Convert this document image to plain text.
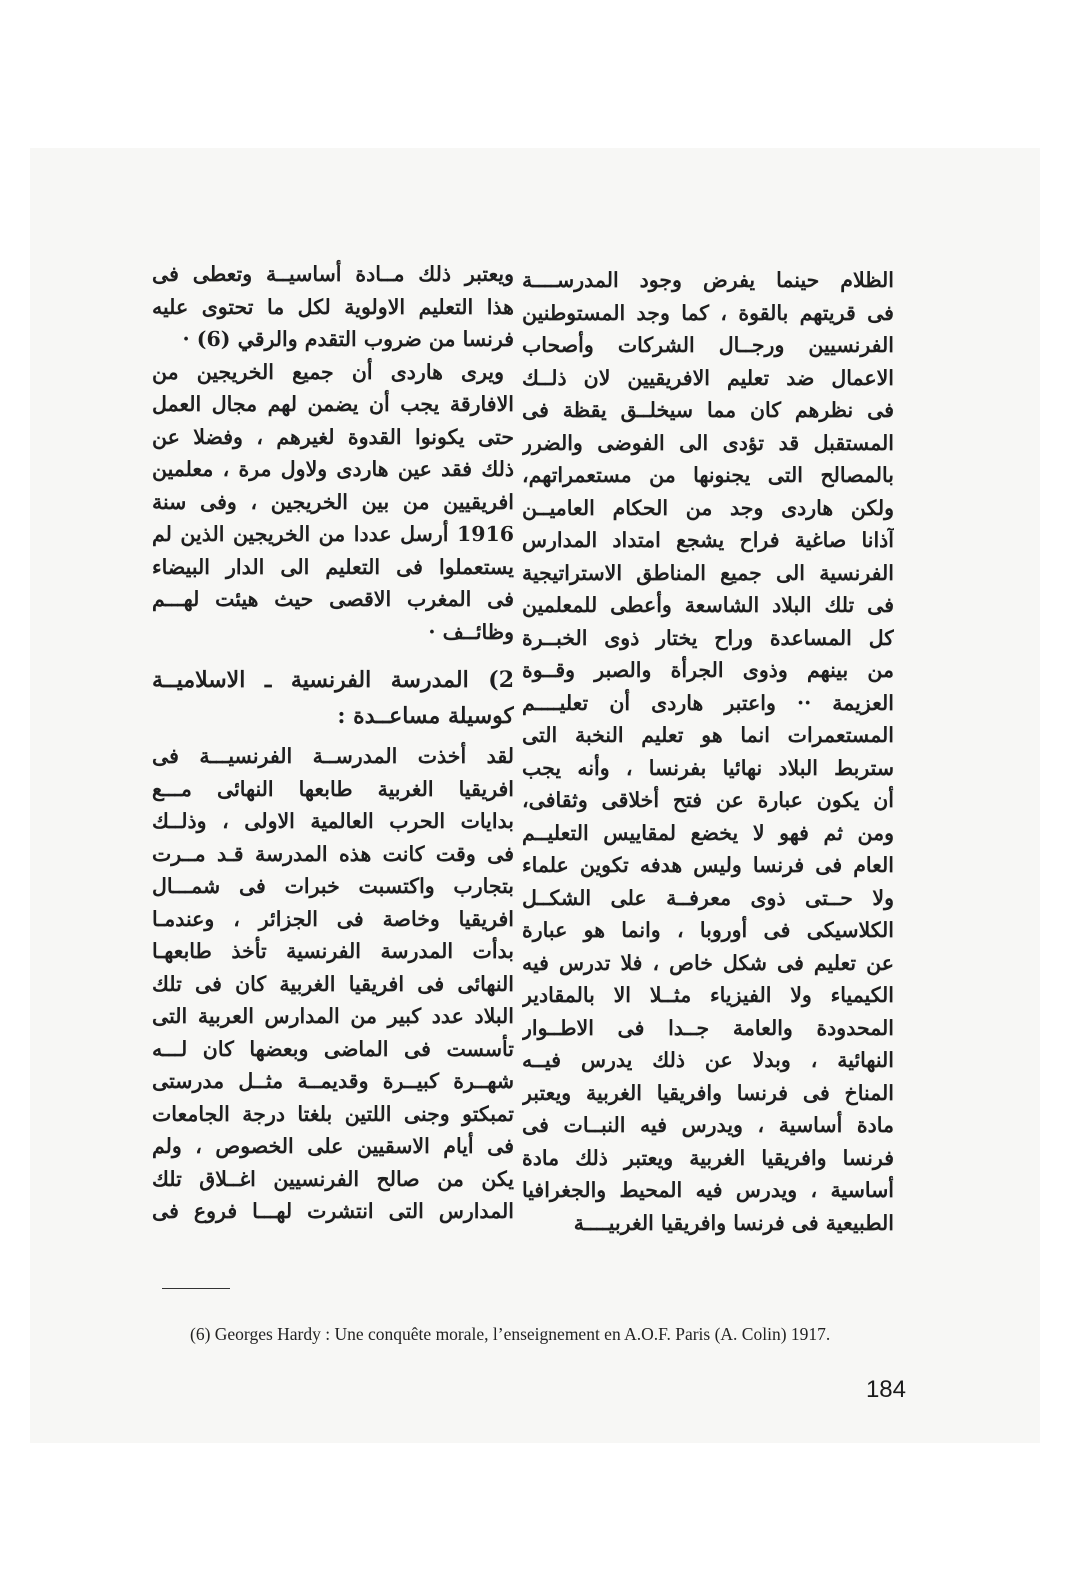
الظلام حينما يفرض وجود المدرســــة
فى قريتهم بالقوة ، كما وجد المستوطنين
الفرنسيين ورجــال الشركات وأصحاب
الاعمال ضد تعليم الافريقيين لان ذلــك
فى نظرهم كان مما سيخلــق يقظة فى
المستقبل قد تؤدى الى الفوضى والضرر
بالمصالح التى يجنونها من مستعمراتهم،
ولكن هاردى وجد من الحكام العاميــن
آذانا صاغية فراح يشجع امتداد المدارس
الفرنسية الى جميع المناطق الاستراتيجية
فى تلك البلاد الشاسعة وأعطى للمعلمين
كل المساعدة وراح يختار ذوى الخبــرة
من بينهم وذوى الجرأة والصبر وقــوة
العزيمة ·· واعتبر هاردى أن تعليــــم
المستعمرات انما هو تعليم النخبة التى
ستربط البلاد نهائيا بفرنسا ، وأنه يجب
أن يكون عبارة عن فتح أخلاقى وثقافى،
ومن ثم فهو لا يخضع لمقاييس التعليــم
العام فى فرنسا وليس هدفه تكوين علماء
ولا حــتى ذوى معرفــة على الشكــل
الكلاسيكى فى أوروبا ، وانما هو عبارة
عن تعليم فى شكل خاص ، فلا تدرس فيه
الكيمياء ولا الفيزياء مثــلا الا بالمقادير
المحدودة والعامة جــدا فى الاطــوار
النهائية ، وبدلا عن ذلك يدرس فيــه
المناخ فى فرنسا وافريقيا الغربية ويعتبر
مادة أساسية ، ويدرس فيه النبــات فى
فرنسا وافريقيا الغربية ويعتبر ذلك مادة
أساسية ، ويدرس فيه المحيط والجغرافيا
الطبيعية فى فرنسا وافريقيا الغربيــــة

ويعتبر ذلك مــادة أساسيــة وتعطى فى
هذا التعليم الاولوية لكل ما تحتوى عليه
فرنسا من ضروب التقدم والرقي (6) ·

ويرى هاردى أن جميع الخريجين من
الافارقة يجب أن يضمن لهم مجال العمل
حتى يكونوا القدوة لغيرهم ، وفضلا عن
ذلك فقد عين هاردى ولاول مرة ، معلمين
افريقيين من بين الخريجين ، وفى سنة
1916 أرسل عددا من الخريجين الذين لم
يستعملوا فى التعليم الى الدار البيضاء
فى المغرب الاقصى حيث هيئت لهـــم
وظائــف ·

2) المدرسة الفرنسية ـ الاسلاميــة
كوسيلة مساعــدة :

لقد أخذت المدرســة الفرنسيـــة فى
افريقيا الغربية طابعها النهائى مـــع
بدايات الحرب العالمية الاولى ، وذلــك
فى وقت كانت هذه المدرسة قـد مــرت
بتجارب واكتسبت خبرات فى شمـــال
افريقيا وخاصة فى الجزائر ، وعندمـا
بدأت المدرسة الفرنسية تأخذ طابعهـا
النهائى فى افريقيا الغربية كان فى تلك
البلاد عدد كبير من المدارس العربية التى
تأسست فى الماضى وبعضها كان لـــه
شهــرة كبيــرة وقديمــة مثــل مدرستى
تمبكتو وجنى اللتين بلغتا درجة الجامعات
فى أيام الاسقيين على الخصوص ، ولم
يكن من صالح الفرنسيين اغــلاق تلك
المدارس التى انتشرت لهـــا فروع فى

(6) Georges Hardy : Une conquête morale, l’enseignement en A.O.F. Paris (A. Colin) 1917.
184
